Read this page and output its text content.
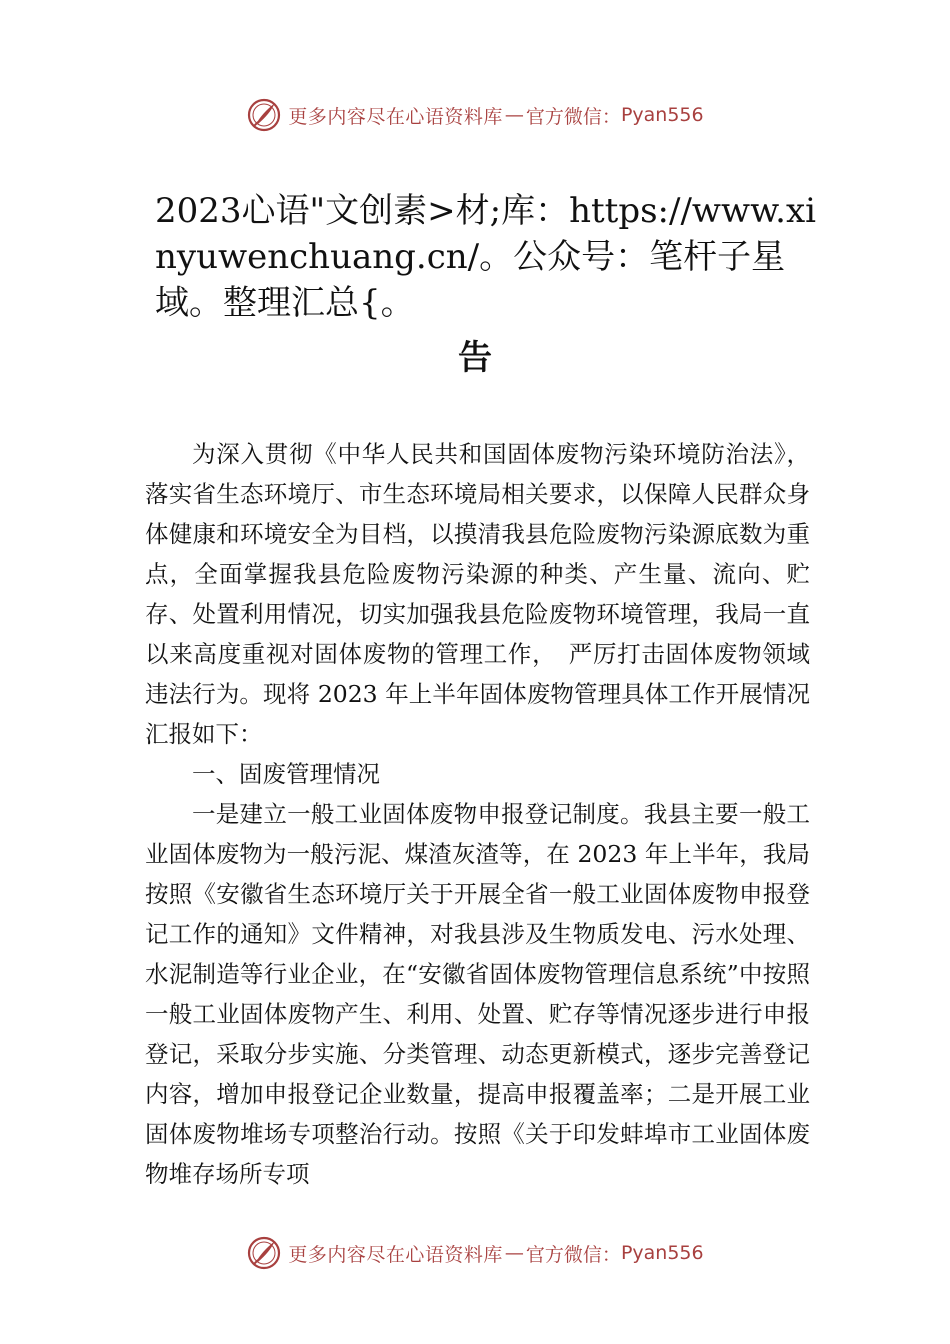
更多内容尽在心语资料库 — 官方微信： Pyan556
2023心语"文创素>材;库：https://www.xinyuwenchuang.cn/。公众号：笔杆子星域。整理汇总{。
告

为深入贯彻《中华人民共和国固体废物污染环境防治法》，落实省生态环境厅、市生态环境局相关要求，以保障人民群众身体健康和环境安全为目档，以摸清我县危险废物污染源底数为重点，全面掌握我县危险废物污染源的种类、产生量、流向、贮存、处置利用情况，切实加强我县危险废物环境管理，我局一直以来高度重视对固体废物的管理工作，　严厉打击固体废物领域违法行为。现将 2023 年上半年固体废物管理具体工作开展情况汇报如下：

一、固废管理情况

一是建立一般工业固体废物申报登记制度。我县主要一般工业固体废物为一般污泥、煤渣灰渣等，在 2023 年上半年，我局按照《安徽省生态环境厅关于开展全省一般工业固体废物申报登记工作的通知》文件精神，对我县涉及生物质发电、污水处理、水泥制造等行业企业，在“安徽省固体废物管理信息系统”中按照一般工业固体废物产生、利用、处置、贮存等情况逐步进行申报登记，采取分步实施、分类管理、动态更新模式，逐步完善登记内容，增加申报登记企业数量，提高申报覆盖率；二是开展工业固体废物堆场专项整治行动。按照《关于印发蚌埠市工业固体废物堆存场所专项

更多内容尽在心语资料库 — 官方微信： Pyan556
